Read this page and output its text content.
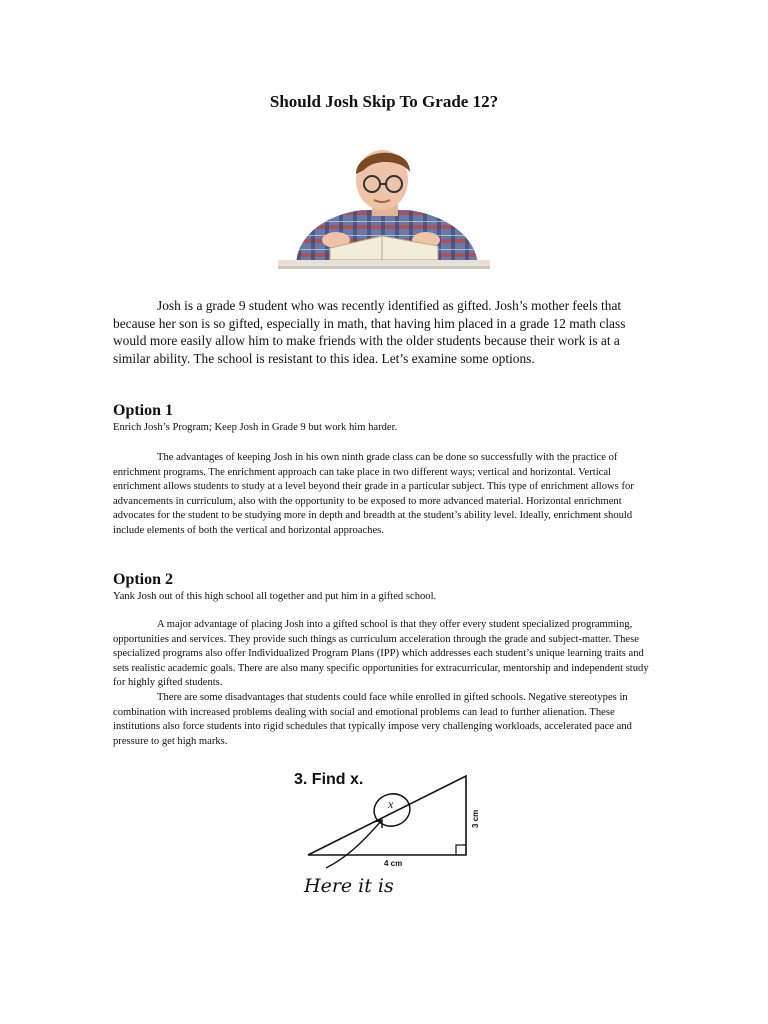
Should Josh Skip To Grade 12?
Josh is a grade 9 student who was recently identified as gifted. Josh’s mother feels that because her son is so gifted, especially in math, that having him placed in a grade 12 math class would more easily allow him to make friends with the older students because their work is at a similar ability. The school is resistant to this idea. Let’s examine some options.
Option 1
Enrich Josh’s Program; Keep Josh in Grade 9 but work him harder.
The advantages of keeping Josh in his own ninth grade class can be done so successfully with the practice of enrichment programs. The enrichment approach can take place in two different ways; vertical and horizontal. Vertical enrichment allows students to study at a level beyond their grade in a particular subject. This type of enrichment allows for advancements in curriculum, also with the opportunity to be exposed to more advanced material. Horizontal enrichment advocates for the student to be studying more in depth and breadth at the student’s ability level. Ideally, enrichment should include elements of both the vertical and horizontal approaches.
Option 2
Yank Josh out of this high school all together and put him in a gifted school.

A major advantage of placing Josh into a gifted school is that they offer every student specialized programming, opportunities and services. They provide such things as curriculum acceleration through the grade and subject-matter. These specialized programs also offer Individualized Program Plans (IPP) which addresses each student’s unique learning traits and sets realistic academic goals. There are also many specific opportunities for extracurricular, mentorship and independent study for highly gifted students.

There are some disadvantages that students could face while enrolled in gifted schools. Negative stereotypes in combination with increased problems dealing with social and emotional problems can lead to further alienation. These institutions also force students into rigid schedules that typically impose very challenging workloads, accelerated pace and pressure to get high marks.

3. Find x.
x
3 cm
4 cm
Here it is
